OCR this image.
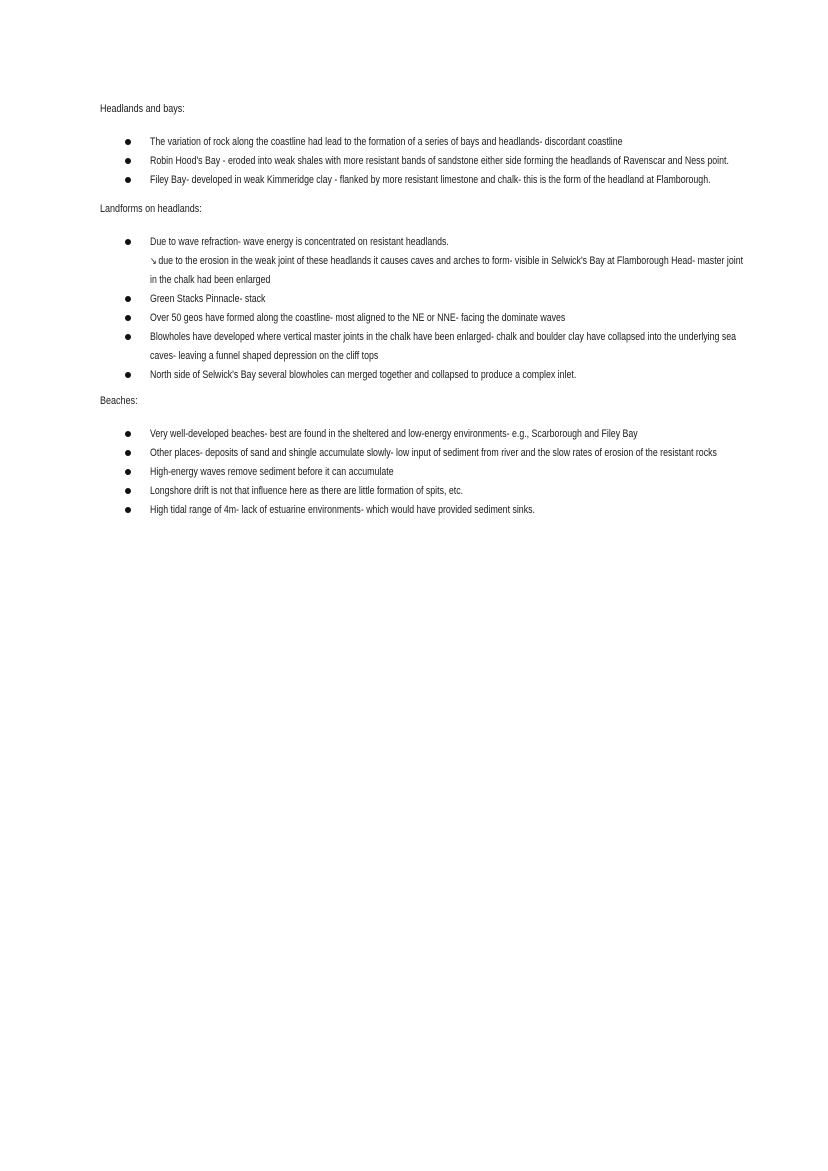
Headlands and bays:
The variation of rock along the coastline had lead to the formation of a series of bays and headlands- discordant coastline
Robin Hood's Bay - eroded into weak shales with more resistant bands of sandstone either side forming the headlands of Ravenscar and Ness point.
Filey Bay- developed in weak Kimmeridge clay - flanked by more resistant limestone and chalk- this is the form of the headland at Flamborough.
Landforms on headlands:
Due to wave refraction- wave energy is concentrated on resistant headlands.
↘ due to the erosion in the weak joint of these headlands it causes caves and arches to form- visible in Selwick's Bay at Flamborough Head- master joint
in the chalk had been enlarged
Green Stacks Pinnacle- stack
Over 50 geos have formed along the coastline- most aligned to the NE or NNE- facing the dominate waves
Blowholes have developed where vertical master joints in the chalk have been enlarged- chalk and boulder clay have collapsed into the underlying sea
caves- leaving a funnel shaped depression on the cliff tops
North side of Selwick's Bay several blowholes can merged together and collapsed to produce a complex inlet.
Beaches:
Very well-developed beaches- best are found in the sheltered and low-energy environments- e.g., Scarborough and Filey Bay
Other places- deposits of sand and shingle accumulate slowly- low input of sediment from river and the slow rates of erosion of the resistant rocks
High-energy waves remove sediment before it can accumulate
Longshore drift is not that influence here as there are little formation of spits, etc.
High tidal range of 4m- lack of estuarine environments- which would have provided sediment sinks.
